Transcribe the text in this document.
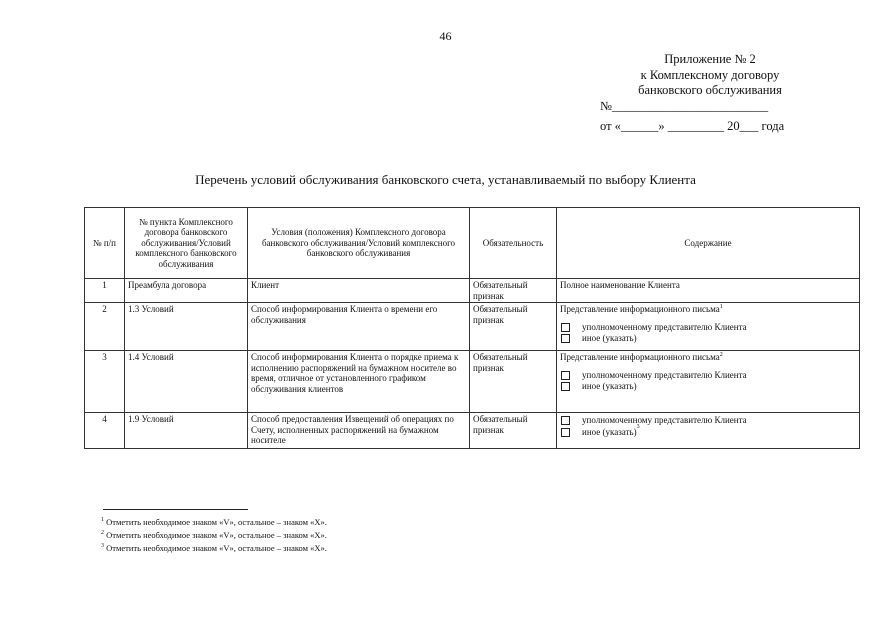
46
Приложение № 2
к Комплексному договору
банковского обслуживания
№_________________________
от «______» _________ 20___ года
Перечень условий обслуживания банковского счета, устанавливаемый по выбору Клиента
№ п/п	№ пункта Комплексного договора банковского обслуживания/Условий комплексного банковского обслуживания	Условия (положения) Комплексного договора банковского обслуживания/Условий комплексного банковского обслуживания	Обязательность	Содержание
1	Преамбула договора	Клиент	Обязательный признак	Полное наименование Клиента
2	1.3 Условий	Способ информирования Клиента о времени его обслуживания	Обязательный признак	Представление информационного письма$^1$
уполномоченному представителю Клиента
иное (указать)

3	1.4 Условий	Способ информирования Клиента о порядке приема к исполнению распоряжений на бумажном носителе во время, отличное от установленного графиком обслуживания клиентов	Обязательный признак	Представление информационного письма$^2$
уполномоченному представителю Клиента
иное (указать)

4	1.9 Условий	Способ предоставления Извещений об операциях по Счету, исполненных распоряжений на бумажном носителе	Обязательный признак	уполномоченному представителю Клиента
иное (указать) 3
$^1$ Отметить необходимое знаком «V», остальное – знаком «X».
$^2$ Отметить необходимое знаком «V», остальное – знаком «X».
$^3$ Отметить необходимое знаком «V», остальное – знаком «X».
